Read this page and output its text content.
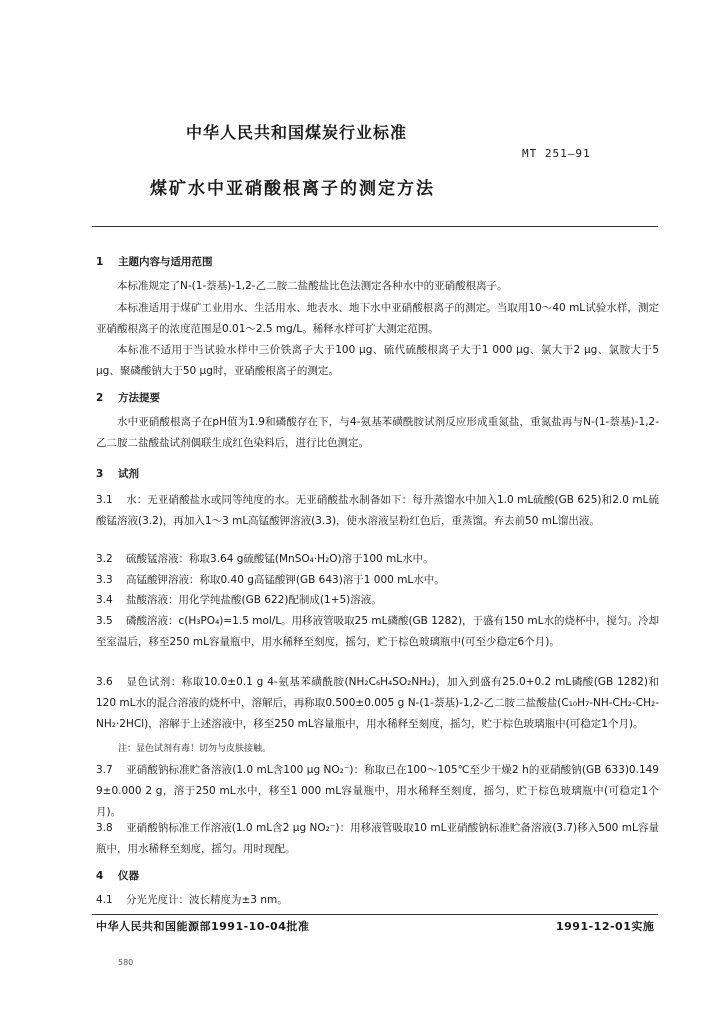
中华人民共和国煤炭行业标准
MT 251—91
煤矿水中亚硝酸根离子的测定方法
1 主题内容与适用范围
本标准规定了N-(1-萘基)-1,2-乙二胺二盐酸盐比色法测定各种水中的亚硝酸根离子。
本标准适用于煤矿工业用水、生活用水、地表水、地下水中亚硝酸根离子的测定。当取用10～40 mL试验水样，测定亚硝酸根离子的浓度范围是0.01～2.5 mg/L。稀释水样可扩大测定范围。
本标准不适用于当试验水样中三价铁离子大于100 μg、硫代硫酸根离子大于1 000 μg、氯大于2 μg、氯胺大于5 μg、聚磷酸钠大于50 μg时，亚硝酸根离子的测定。
2 方法提要
水中亚硝酸根离子在pH值为1.9和磷酸存在下，与4-氨基苯磺酰胺试剂反应形成重氮盐，重氮盐再与N-(1-萘基)-1,2-乙二胺二盐酸盐试剂偶联生成红色染料后，进行比色测定。
3 试剂
3.1 水：无亚硝酸盐水或同等纯度的水。无亚硝酸盐水制备如下：每升蒸馏水中加入1.0 mL硫酸(GB 625)和2.0 mL硫酸锰溶液(3.2)，再加入1～3 mL高锰酸钾溶液(3.3)，使水溶液呈粉红色后，重蒸馏。弃去前50 mL馏出液。
3.2 硫酸锰溶液：称取3.64 g硫酸锰(MnSO₄·H₂O)溶于100 mL水中。
3.3 高锰酸钾溶液：称取0.40 g高锰酸钾(GB 643)溶于1 000 mL水中。
3.4 盐酸溶液：用化学纯盐酸(GB 622)配制成(1+5)溶液。
3.5 磷酸溶液：c(H₃PO₄)=1.5 mol/L。用移液管吸取25 mL磷酸(GB 1282)，于盛有150 mL水的烧杯中，搅匀。冷却至室温后，移至250 mL容量瓶中，用水稀释至刻度，摇匀，贮于棕色玻璃瓶中(可至少稳定6个月)。
3.6 显色试剂：称取10.0±0.1 g 4-氨基苯磺酰胺(NH₂C₆H₄SO₂NH₂)，加入到盛有25.0+0.2 mL磷酸(GB 1282)和120 mL水的混合溶液的烧杯中，溶解后，再称取0.500±0.005 g N-(1-萘基)-1,2-乙二胺二盐酸盐(C₁₀H₇-NH-CH₂-CH₂-NH₂·2HCl)，溶解于上述溶液中，移至250 mL容量瓶中，用水稀释至刻度，摇匀，贮于棕色玻璃瓶中(可稳定1个月)。
注：显色试剂有毒！切勿与皮肤接触。
3.7 亚硝酸钠标准贮备溶液(1.0 mL含100 μg NO₂⁻)：称取已在100～105℃至少干燥2 h的亚硝酸钠(GB 633)0.149 9±0.000 2 g，溶于250 mL水中，移至1 000 mL容量瓶中，用水稀释至刻度，摇匀，贮于棕色玻璃瓶中(可稳定1个月)。
3.8 亚硝酸钠标准工作溶液(1.0 mL含2 μg NO₂⁻)：用移液管吸取10 mL亚硝酸钠标准贮备溶液(3.7)移入500 mL容量瓶中，用水稀释至刻度，摇匀。用时现配。
4 仪器
4.1 分光光度计：波长精度为±3 nm。
中华人民共和国能源部1991-10-04批准	1991-12-01实施
580
